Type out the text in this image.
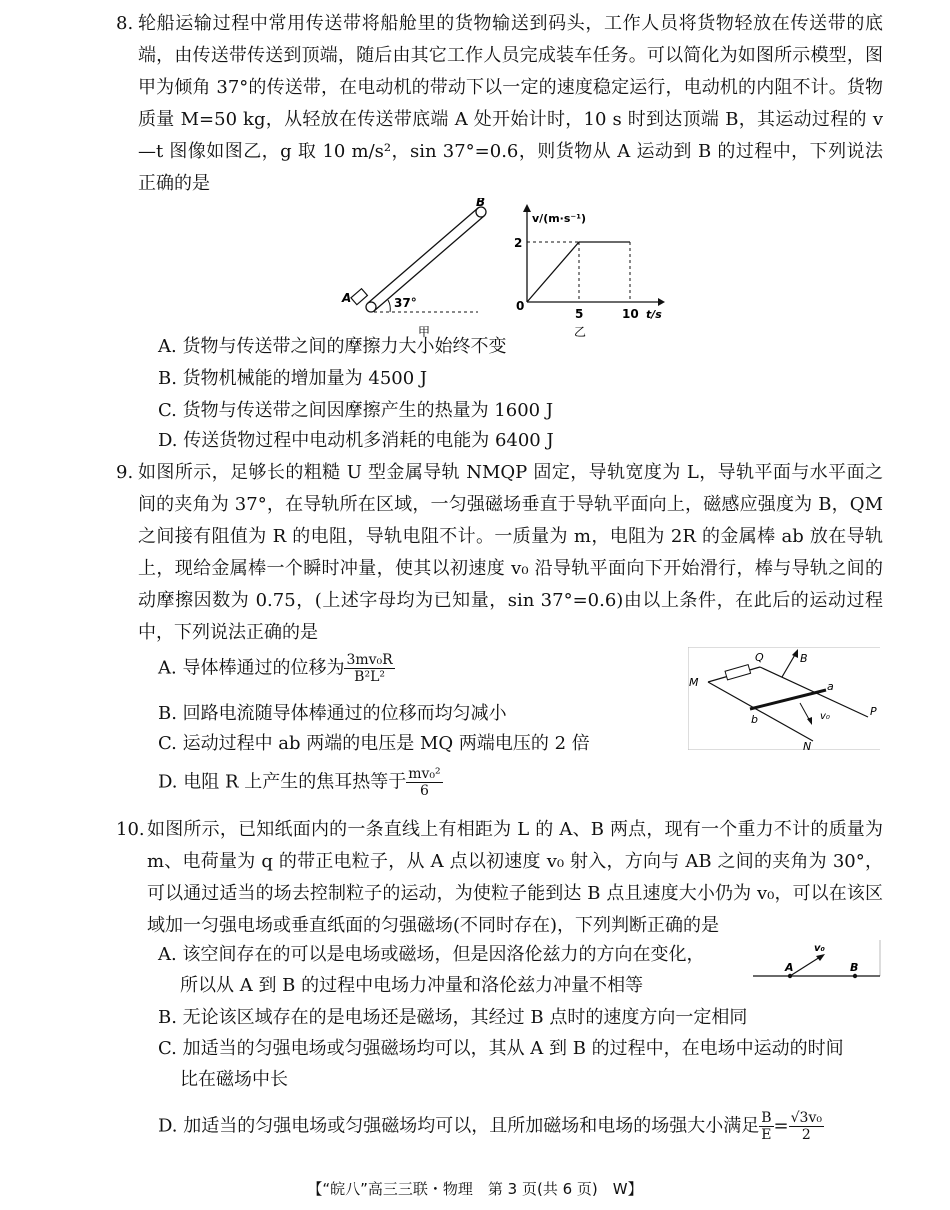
8. 轮船运输过程中常用传送带将船舱里的货物输送到码头，工作人员将货物轻放在传送带的底端，由传送带传送到顶端，随后由其它工作人员完成装车任务。可以简化为如图所示模型，图甲为倾角 37°的传送带，在电动机的带动下以一定的速度稳定运行，电动机的内阻不计。货物质量 M=50 kg，从轻放在传送带底端 A 处开始计时，10 s 时到达顶端 B，其运动过程的 v—t 图像如图乙，g 取 10 m/s²，sin 37°=0.6，则货物从 A 运动到 B 的过程中，下列说法正确的是
B
A	37°
甲
v/(m·s⁻¹)
t/s
2
0
5	10
乙
A. 货物与传送带之间的摩擦力大小始终不变
B. 货物机械能的增加量为 4500 J
C. 货物与传送带之间因摩擦产生的热量为 1600 J
D. 传送货物过程中电动机多消耗的电能为 6400 J
9. 如图所示，足够长的粗糙 U 型金属导轨 NMQP 固定，导轨宽度为 L，导轨平面与水平面之间的夹角为 37°，在导轨所在区域，一匀强磁场垂直于导轨平面向上，磁感应强度为 B，QM 之间接有阻值为 R 的电阻，导轨电阻不计。一质量为 m，电阻为 2R 的金属棒 ab 放在导轨上，现给金属棒一个瞬时冲量，使其以初速度 v₀ 沿导轨平面向下开始滑行，棒与导轨之间的动摩擦因数为 0.75，(上述字母均为已知量，sin 37°=0.6)由以上条件，在此后的运动过程中，下列说法正确的是
A. 导体棒通过的位移为 $\frac{\text{3mv₀R}}{\text{B²L²}}$
B. 回路电流随导体棒通过的位移而均匀减小
C. 运动过程中 ab 两端的电压是 MQ 两端电压的 2 倍
D. 电阻 R 上产生的焦耳热等于 $\frac{\text{mv₀²}}{6}$
Q	B
M	a
b	v₀	P
N
10. 如图所示，已知纸面内的一条直线上有相距为 L 的 A、B 两点，现有一个重力不计的质量为 m、电荷量为 q 的带正电粒子，从 A 点以初速度 v₀ 射入，方向与 AB 之间的夹角为 30°，可以通过适当的场去控制粒子的运动，为使粒子能到达 B 点且速度大小仍为 v₀，可以在该区域加一匀强电场或垂直纸面的匀强磁场(不同时存在)，下列判断正确的是
A. 该空间存在的可以是电场或磁场，但是因洛伦兹力的方向在变化，
所以从 A 到 B 的过程中电场力冲量和洛伦兹力冲量不相等
B. 无论该区域存在的是电场还是磁场，其经过 B 点时的速度方向一定相同
C. 加适当的匀强电场或匀强磁场均可以，其从 A 到 B 的过程中，在电场中运动的时间
比在磁场中长
D. 加适当的匀强电场或匀强磁场均可以，且所加磁场和电场的场强大小满足 $\frac{B}{E} = \frac{\text{√3v₀}}{2}$
v₀
A	B
【“皖八”高三三联・物理　第 3 页(共 6 页)　W】
